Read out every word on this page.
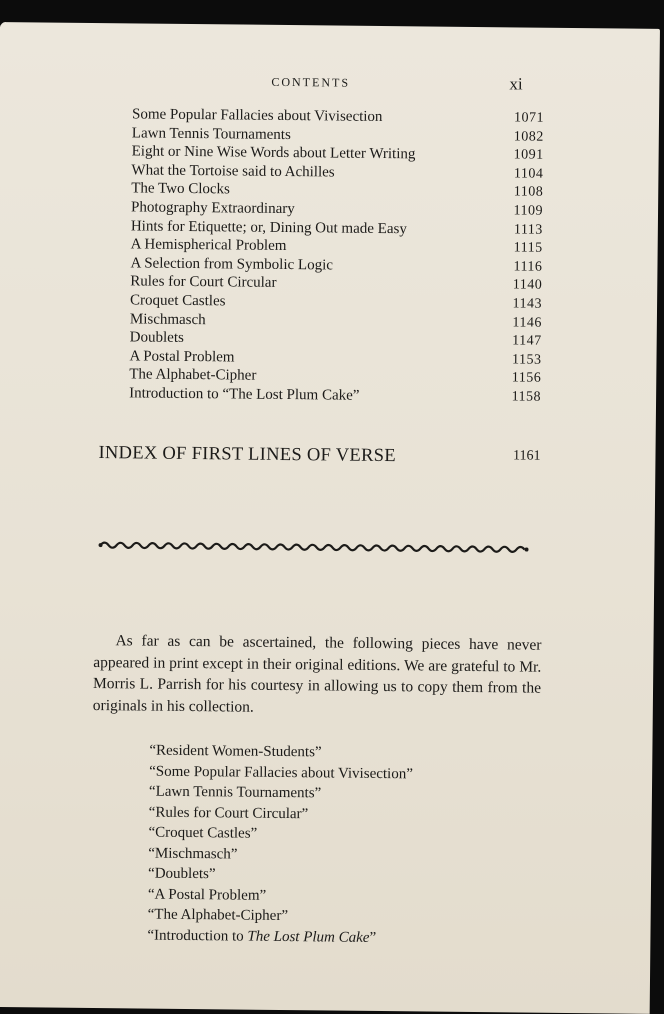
CONTENTS	xi
Some Popular Fallacies about Vivisection	1071
Lawn Tennis Tournaments	1082
Eight or Nine Wise Words about Letter Writing	1091
What the Tortoise said to Achilles	1104
The Two Clocks	1108
Photography Extraordinary	1109
Hints for Etiquette; or, Dining Out made Easy	1113
A Hemispherical Problem	1115
A Selection from Symbolic Logic	1116
Rules for Court Circular	1140
Croquet Castles	1143
Mischmasch	1146
Doublets	1147
A Postal Problem	1153
The Alphabet-Cipher	1156
Introduction to “The Lost Plum Cake”	1158
INDEX OF FIRST LINES OF VERSE	1161

As far as can be ascertained, the following pieces have never appeared in print except in their original editions. We are grateful to Mr. Morris L. Parrish for his courtesy in allowing us to copy them from the originals in his collection.

“Resident Women-Students”
“Some Popular Fallacies about Vivisection”
“Lawn Tennis Tournaments”
“Rules for Court Circular”
“Croquet Castles”
“Mischmasch”
“Doublets”
“A Postal Problem”
“The Alphabet-Cipher”
“Introduction to The Lost Plum Cake”
